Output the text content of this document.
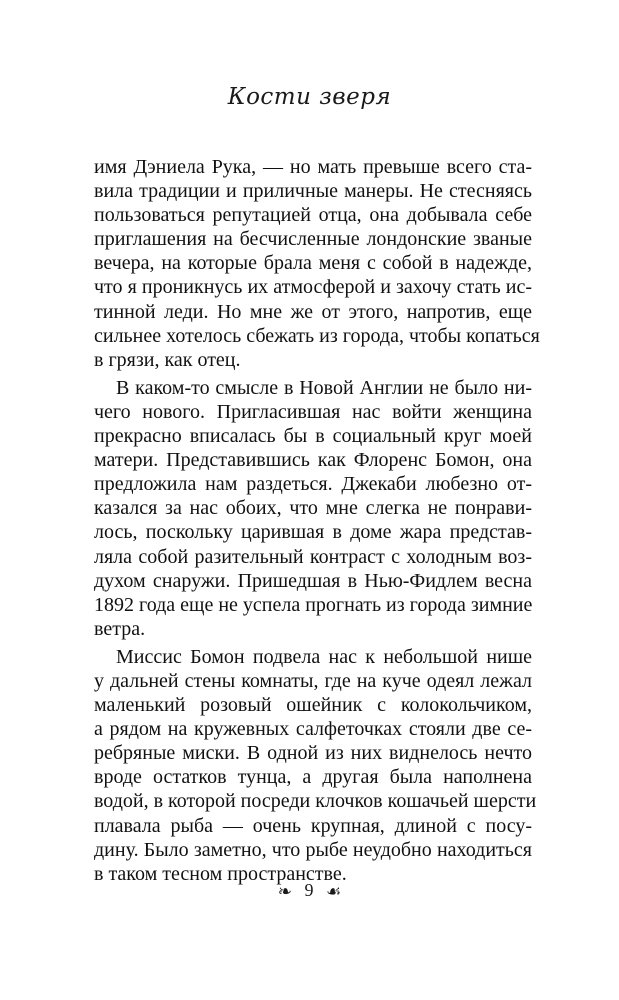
Кости зверя
имя Дэниела Рука, — но мать превыше всего ста-
вила традиции и приличные манеры. Не стесняясь
пользоваться репутацией отца, она добывала себе
приглашения на бесчисленные лондонские званые
вечера, на которые брала меня с собой в надежде,
что я проникнусь их атмосферой и захочу стать ис-
тинной леди. Но мне же от этого, напротив, еще
сильнее хотелось сбежать из города, чтобы копаться
в грязи, как отец.
В каком-то смысле в Новой Англии не было ни-
чего нового. Пригласившая нас войти женщина
прекрасно вписалась бы в социальный круг моей
матери. Представившись как Флоренс Бомон, она
предложила нам раздеться. Джекаби любезно от-
казался за нас обоих, что мне слегка не понрави-
лось, поскольку царившая в доме жара представ-
ляла собой разительный контраст с холодным воз-
духом снаружи. Пришедшая в Нью-Фидлем весна
1892 года еще не успела прогнать из города зимние
ветра.
Миссис Бомон подвела нас к небольшой нише
у дальней стены комнаты, где на куче одеял лежал
маленький розовый ошейник с колокольчиком,
а рядом на кружевных салфеточках стояли две се-
ребряные миски. В одной из них виднелось нечто
вроде остатков тунца, а другая была наполнена
водой, в которой посреди клочков кошачьей шерсти
плавала рыба — очень крупная, длиной с посу-
дину. Было заметно, что рыбе неудобно находиться
в таком тесном пространстве.
❧ 9 ☙
